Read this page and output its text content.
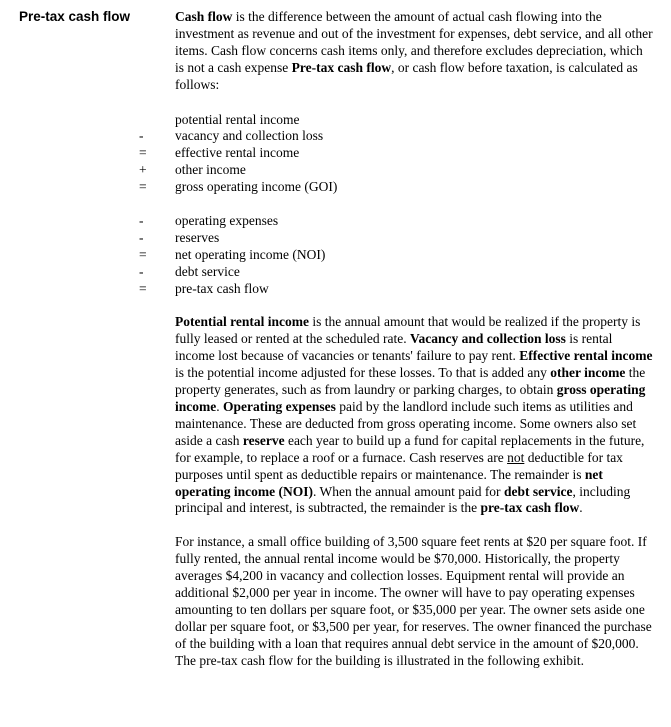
Pre-tax cash flow	Cash flow is the difference between the amount of actual cash flowing into the investment as revenue and out of the investment for expenses, debt service, and all other items. Cash flow concerns cash items only, and therefore excludes depreciation, which is not a cash expense Pre-tax cash flow, or cash flow before taxation, is calculated as follows:

potential rental income
-	vacancy and collection loss
=	effective rental income
+	other income
=	gross operating income (GOI)
-	operating expenses
-	reserves
=	net operating income (NOI)
-	debt service
=	pre-tax cash flow

Potential rental income is the annual amount that would be realized if the property is fully leased or rented at the scheduled rate. Vacancy and collection loss is rental income lost because of vacancies or tenants' failure to pay rent. Effective rental income is the potential income adjusted for these losses. To that is added any other income the property generates, such as from laundry or parking charges, to obtain gross operating income. Operating expenses paid by the landlord include such items as utilities and maintenance. These are deducted from gross operating income. Some owners also set aside a cash reserve each year to build up a fund for capital replacements in the future, for example, to replace a roof or a furnace. Cash reserves are not deductible for tax purposes until spent as deductible repairs or maintenance. The remainder is net operating income (NOI). When the annual amount paid for debt service, including principal and interest, is subtracted, the remainder is the pre-tax cash flow.

For instance, a small office building of 3,500 square feet rents at $20 per square foot. If fully rented, the annual rental income would be $70,000. Historically, the property averages $4,200 in vacancy and collection losses. Equipment rental will provide an additional $2,000 per year in income. The owner will have to pay operating expenses amounting to ten dollars per square foot, or $35,000 per year. The owner sets aside one dollar per square foot, or $3,500 per year, for reserves. The owner financed the purchase of the building with a loan that requires annual debt service in the amount of $20,000. The pre-tax cash flow for the building is illustrated in the following exhibit.
